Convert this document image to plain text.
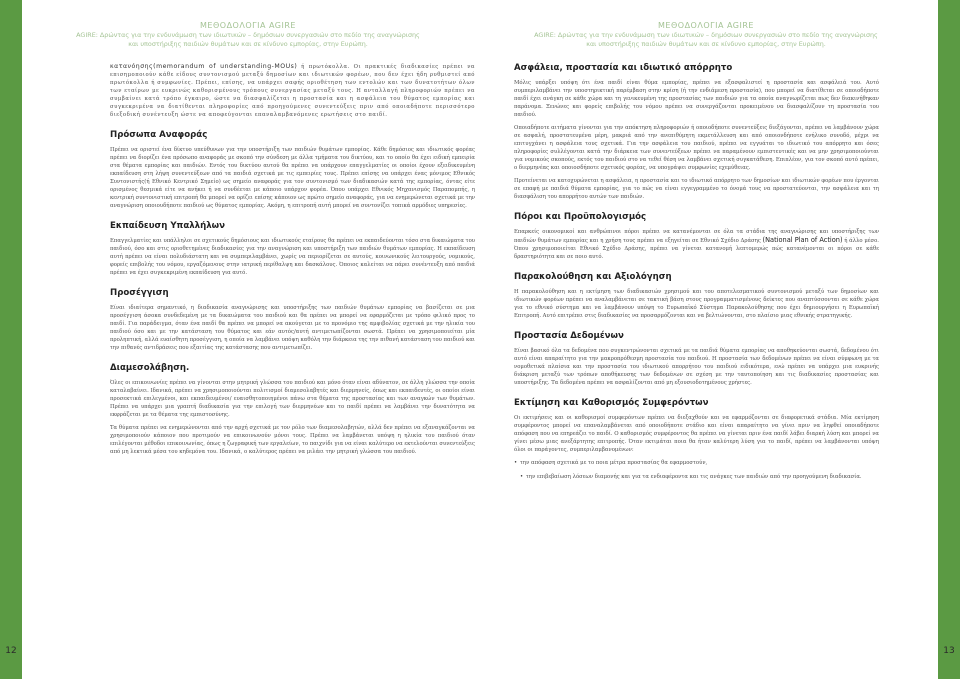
12	13
ΜΕΘΟΔΟΛΟΓΙΑ AGIRE
AGIRE: Δρώντας για την ενδυνάμωση των ιδιωτικών – δημόσιων συνεργασιών στο πεδίο της αναγνώρισης
και υποστήριξης παιδιών θυμάτων και σε κίνδυνο εμπορίας, στην Ευρώπη.
ΜΕΘΟΔΟΛΟΓΙΑ AGIRE
AGIRE: Δρώντας για την ενδυνάμωση των ιδιωτικών – δημόσιων συνεργασιών στο πεδίο της αναγνώρισης
και υποστήριξης παιδιών θυμάτων και σε κίνδυνο εμπορίας, στην Ευρώπη.

κατανόησης(memorandum of understanding-MOUs) ή πρωτόκολλα. Οι πρακτικές διαδικασίες πρέπει να επισημοποιούν κάθε είδους συντονισμού μεταξύ δημοσίων και ιδιωτικών φορέων, που δεν έχει ήδη ρυθμιστεί από πρωτόκολλα ή συμφωνίες. Πρέπει, επίσης, να υπάρχει σαφής οριοθέτηση των εντολών και των δυνατοτήτων όλων των εταίρων με ευκρινώς καθορισμένους τρόπους συνεργασίας μεταξύ τους. Η ανταλλαγή πληροφοριών πρέπει να συμβαίνει κατά τρόπο έγκαιρο, ώστε να διασφαλίζεται η προστασία και η ασφάλεια του θύματος εμπορίας και συγκεκριμένα να διατίθενται πληροφορίες από προηγούμενες συνεντεύξεις πριν από οποιαδήποτε περισσότερο διεξοδική συνέντευξη ώστε να αποφεύγονται επαναλαμβανόμενες ερωτήσεις στο παιδί.

Πρόσωπα Αναφοράς

Πρέπει να οριστεί ένα δίκτυο υπεύθυνων για την υποστήριξη των παιδιών θυμάτων εμπορίας. Κάθε δημόσιος και ιδιωτικός φορέας πρέπει να διορίζει ένα πρόσωπο αναφοράς με σκοπό την σύνδεση με άλλα τμήματα του δικτύου, και το οποίο θα έχει ειδική εμπειρία στα θέματα εμπορίας και παιδιών. Εντός του δικτύου αυτού θα πρέπει να υπάρχουν επαγγελματίες οι οποίοι έχουν εξειδικευμένη εκπαίδευση στη λήψη συνεντεύξεων από τα παιδιά σχετικά με τις εμπειρίες τους. Πρέπει επίσης να υπάρχει ένας μόνιμος Εθνικός Συντονιστής(ή Εθνικό Κεντρικό Σημείο) ως σημείο αναφοράς για τον συντονισμό των διαδικασιών κατά της εμπορίας, όντας είτε ορισμένος θεσμικά είτε να ανήκει ή να συνδέεται με κάποιο υπάρχον φορέα. Όπου υπάρχει Εθνικός Μηχανισμός Παραπομπής, η κεντρική συντονιστική επιτροπή θα μπορεί να ορίζει επίσης κάποιον ως πρώτο σημείο αναφοράς, για να ενημερώνεται σχετικά με την αναγνώριση οποιουδήποτε παιδιού ως θύματος εμπορίας. Ακόμη, η επιτροπή αυτή μπορεί να συντονίζει τοπικά αρμόδιες υπηρεσίες.

Εκπαίδευση Υπαλλήλων

Επαγγελματίες και υπάλληλοι σε σχετικούς δημόσιους και ιδιωτικούς εταίρους θα πρέπει να εκπαιδεύονται τόσο στα δικαιώματα του παιδιού, όσο και στις οριοθετημένες διαδικασίες για την αναγνώριση και υποστήριξη των παιδιών θυμάτων εμπορίας. Η εκπαίδευση αυτή πρέπει να είναι πολυδιάστατη και να συμπεριλαμβάνει, χωρίς να περιορίζεται σε αυτούς, κοινωνικούς λειτουργούς, νομικούς, φορείς επιβολής του νόμου, εργαζόμενους στην ιατρική περίθαλψη και δασκάλους. Όποιος καλείται να πάρει συνέντευξη από παιδιά πρέπει να έχει συγκεκριμένη εκπαίδευση για αυτό.

Προσέγγιση

Είναι ιδιαίτερα σημαντικό, η διαδικασία αναγνώρισης και υποστήριξης των παιδιών θυμάτων εμπορίας να βασίζεται σε μια προσέγγιση άσοκα συνδεδεμένη με τα δικαιώματα του παιδιού και θα πρέπει να μπορεί να εφαρμόζεται με τρόπο φιλικό προς το παιδί. Για παράδειγμα, όταν ένα παιδί θα πρέπει να μπορεί να ακούγεται με το προνόμιο της αμφιβολίας σχετικά με την ηλικία του παιδιού όσο και με την κατάσταση του θύματος και εάν αυτός/αυτή αντιμετωπίζονται σωστά. Πρέπει να χρησιμοποιείται μία προληπτική, αλλά ευαίσθητη προσέγγιση, η οποία να λαμβάνει υπόψη καθόλη την διάρκεια της την πιθανή κατάσταση του παιδιού και την πιθανές αντιδράσεις που εξαιτίας της κατάστασης που αντιμετωπίζει.

Διαμεσολάβηση.

Όλες οι επικοινωνίες πρέπει να γίνονται στην μητρική γλώσσα του παιδιού και μόνο όταν είναι αδύνατον, σε άλλη γλώσσα την οποία καταλαβαίνει. Ιδανικά, πρέπει να χρησιμοποιούνται πολιτισμοί διαμεσολαβητές και διερμηνείς, όπως και εκπαιδευτές, οι οποίοι είναι προσεκτικά επιλεγμένοι, και εκπαιδευμένοι/ ευαισθητοποιημένοι πάνω στα θέματα της προστασίας και των αναγκών των θυμάτων. Πρέπει να υπάρχει μια γραπτή διαδικασία για την επιλογή των διερμηνέων και το παιδί πρέπει να λαμβάνει την δυνατότητα να εκφράζεται με τα θέματα της εμπιστοσύνης.

Τα θύματα πρέπει να ενημερώνονται από την αρχή σχετικά με τον ρόλο των διαμεσολαβητών, αλλά δεν πρέπει να εξαναγκάζονται να χρησιμοποιούν κάποιον που προτιμούν να επικοινωνούν μόνοι τους. Πρέπει να λαμβάνεται υπόψη η ηλικία του παιδιού όταν επιλέγονται μέθοδοι επικοινωνίας, όπως η ζωγραφική των εργαλείων, το παιχνίδι για να είναι καλύτερο να εκτελούνται συνεντεύξεις από μη λεκτικά μέσα του κηδεμόνα του. Ιδανικά, ο καλύτερος πρέπει να μιλάει την μητρική γλώσσα του παιδιού.

Ασφάλεια, προστασία και ιδιωτικό απόρρητο

Μόλις υπάρξει υπόψη ότι ένα παιδί είναι θύμα εμπορίας, πρέπει να εξασφαλιστεί η προστασία και ασφάλειά του. Αυτό συμπεριλαμβάνει την υποστηρικτική παρέμβαση στην κρίση (ή την ενδιάμεση προστασία), που μπορεί να διατίθεται σε οποιοδήποτε παιδί έχει ανάγκη σε κάθε χώρα και τη γενικευμένη της προστασίας των παιδιών για τα οποία αναγνωρίζεται πως δεν διακινήθηκαν παράνομα. Ξενώνες και φορείς επιβολής του νόμου πρέπει να συνεργάζονται προκειμένου να διασφαλίζουν τη προστασία του παιδιού.

Οποιαδήποτε αιτήματα γίνονται για την απόκτηση πληροφοριών ή οποιοδήποτε συνεντεύξεις διεξάγονται, πρέπει να λαμβάνουν χώρα σε ασφαλή, προστατευμένα μέρη, μακριά από την ανεπιθύμητη εκμετάλλευση και από οποιονδήποτε ενήλικο συνοδό, μέχρι να επιτυγχάνει η ασφάλεια τους σχετικά. Για την ασφάλεια του παιδιού, πρέπει να εγγυάται το ιδιωτικό του απόρρητο και όσες πληροφορίες συλλέγονται κατά την διάρκεια των συνεντεύξεων πρέπει να παραμένουν εμπιστευτικές και να μην χρησιμοποιούνται για νομικούς σκοπούς, εκτός του παιδιού στο να τεθεί θέση να λαμβάνει σχετική συγκατάθεση. Επιπλέον, για τον σκοπό αυτό πρέπει, ο διερμηνέας και οποιοσδήποτε σχετικός φορέας, να υπογράψει συμφωνίες εχεμύθειας.

Προτείνεται να κατοχυρώνεται η ασφάλεια, η προστασία και το ιδιωτικό απόρρητο των δημοσίων και ιδιωτικών φορέων που έργονται σε επαφή με παιδιά θύματα εμπορίας, για το πώς να είναι εγγεγραμμένο το όνομά τους να προστατεύονται, την ασφάλεια και τη διασφάλιση του απορρήτου αυτών των παιδιών.

Πόροι και Προϋπολογισμός

Επαρκείς οικονομικοί και ανθρώπινοι πόροι πρέπει να κατανέμονται σε όλα τα στάδια της αναγνώρισης και υποστήριξης των παιδιών θυμάτων εμπορίας και η χρήση τους πρέπει να εξηγείται σε Εθνικό Σχέδιο Δράσης (National Plan of Action) ή άλλο μέσο. Όπου χρησιμοποιείται Εθνικό Σχέδιο Δράσης, πρέπει να γίνεται κατανομή λεπτομερώς πώς κατανέμονται οι πόροι σε κάθε δραστηριότητα και σε ποιο αυτό.

Παρακολούθηση και Αξιολόγηση

Η παρακολούθηση και η εκτίμηση των διαδικασιών χρησιμού και του αποτελεσματικού συντονισμού μεταξύ των δημοσίων και ιδιωτικών φορέων πρέπει να αναλαμβάνεται σε τακτική βάση στους προγραμματισμένους δείκτες που αναπτύσσονται σε κάθε χώρα για το εθνικό σύστημα και να λαμβάνουν υπόψη το Ευρωπαϊκό Σύστημα Παρακολούθησης που έχει δημιουργήσει η Ευρωπαϊκή Επιτροπή. Αυτό επιτρέπει στις διαδικασίες να προσαρμόζονται και να βελτιώνονται, στο πλαίσιο μιας εθνικής στρατηγικής.

Προστασία Δεδομένων

Είναι βασικό όλα τα δεδομένα που συγκεντρώνονται σχετικά με τα παιδιά θύματα εμπορίας να αποθηκεύονται σωστά, δεδομένου ότι αυτό είναι απαραίτητο για την μακροπρόθεσμη προστασία του παιδιού. Η προστασία των δεδομένων πρέπει να είναι σύμφωνη με τα νομοθετικά πλαίσια και την προστασία του ιδιωτικού απορρήτου του παιδιού ειδικότερα, ενώ πρέπει να υπάρχει μια ευκρινής διάκριση μεταξύ των τρόπων αποθήκευσης των δεδομένων σε σχέση με την ταυτοποίηση και τις διαδικασίες προστασίας και υποστήριξης. Τα δεδομένα πρέπει να ασφαλίζονται από μη εξουσιοδοτημένους χρήστες.

Εκτίμηση και Καθορισμός Συμφερόντων

Οι εκτιμήσεις και οι καθορισμοί συμφερόντων πρέπει να διεξαχθούν και να εφαρμόζονται σε διαφορετικά στάδια. Μία εκτίμηση συμφέροντος μπορεί να επαναλαμβάνεται από οποιοδήποτε στάδιο και είναι απαραίτητο να γίνει πριν να ληφθεί οποιαδήποτε απόφαση που να επηρεάζει το παιδί. Ο καθορισμός συμφέροντος θα πρέπει να γίνεται πριν ένα παιδί λάβει διαρκή λύση και μπορεί να γίνει μέσω μιας ανεξάρτητης επιτροπής. Όταν εκτιμάται ποια θα ήταν καλύτερη λύση για το παιδί, πρέπει να λαμβάνονται υπόψη όλοι οι παράγοντες, συμπεριλαμβανομένων:

• την απόφαση σχετικά με το ποια μέτρα προστασίας θα εφαρμοστούν,
• την επιβεβαίωση λόσεων διαμονής και για τα ενδιαφέροντα και τις ανάγκες των παιδιών από την προηγούμενη διαδικασία.
